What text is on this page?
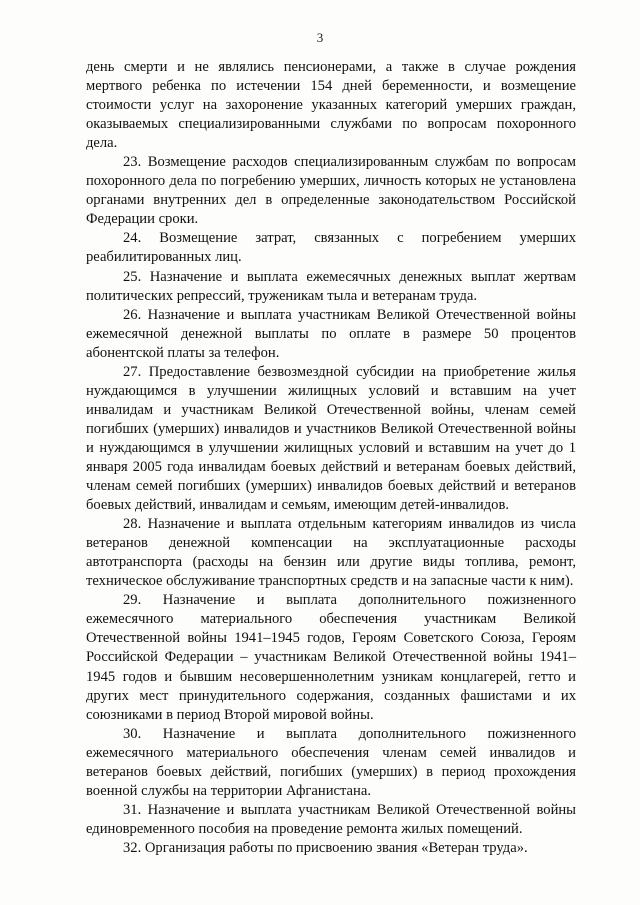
3

день смерти и не являлись пенсионерами, а также в случае рождения мертвого ребенка по истечении 154 дней беременности, и возмещение стоимости услуг на захоронение указанных категорий умерших граждан, оказываемых специализированными службами по вопросам похоронного дела.

23. Возмещение расходов специализированным службам по вопросам похоронного дела по погребению умерших, личность которых не установлена органами внутренних дел в определенные законодательством Российской Федерации сроки.

24. Возмещение затрат, связанных с погребением умерших реабилитированных лиц.

25. Назначение и выплата ежемесячных денежных выплат жертвам политических репрессий, труженикам тыла и ветеранам труда.

26. Назначение и выплата участникам Великой Отечественной войны ежемесячной денежной выплаты по оплате в размере 50 процентов абонентской платы за телефон.

27. Предоставление безвозмездной субсидии на приобретение жилья нуждающимся в улучшении жилищных условий и вставшим на учет инвалидам и участникам Великой Отечественной войны, членам семей погибших (умерших) инвалидов и участников Великой Отечественной войны и нуждающимся в улучшении жилищных условий и вставшим на учет до 1 января 2005 года инвалидам боевых действий и ветеранам боевых действий, членам семей погибших (умерших) инвалидов боевых действий и ветеранов боевых действий, инвалидам и семьям, имеющим детей-инвалидов.

28. Назначение и выплата отдельным категориям инвалидов из числа ветеранов денежной компенсации на эксплуатационные расходы автотранспорта (расходы на бензин или другие виды топлива, ремонт, техническое обслуживание транспортных средств и на запасные части к ним).

29. Назначение и выплата дополнительного пожизненного ежемесячного материального обеспечения участникам Великой Отечественной войны 1941–1945 годов, Героям Советского Союза, Героям Российской Федерации – участникам Великой Отечественной войны 1941–1945 годов и бывшим несовершеннолетним узникам концлагерей, гетто и других мест принудительного содержания, созданных фашистами и их союзниками в период Второй мировой войны.

30. Назначение и выплата дополнительного пожизненного ежемесячного материального обеспечения членам семей инвалидов и ветеранов боевых действий, погибших (умерших) в период прохождения военной службы на территории Афганистана.

31. Назначение и выплата участникам Великой Отечественной войны единовременного пособия на проведение ремонта жилых помещений.

32. Организация работы по присвоению звания «Ветеран труда».
